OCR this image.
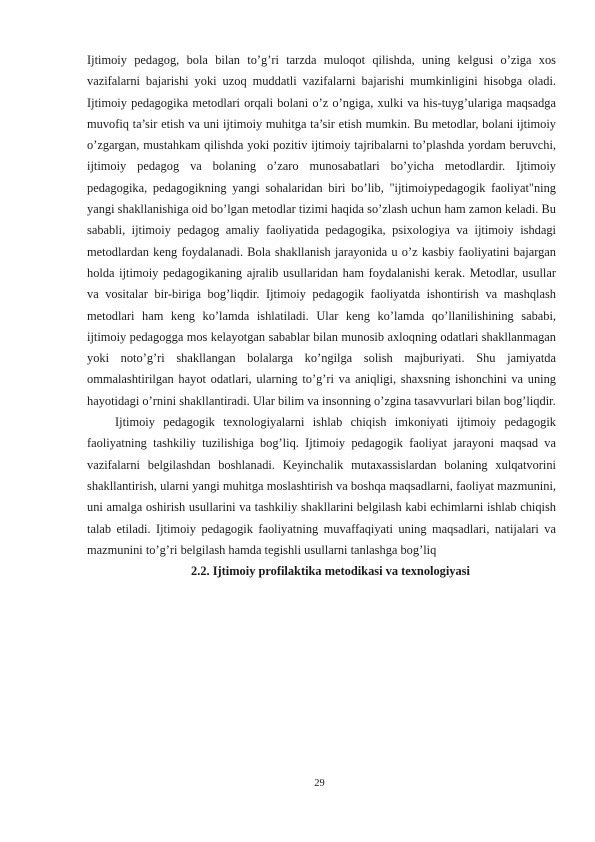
Ijtimoiy pedagog, bola bilan to’g’ri tarzda muloqot qilishda, uning kelgusi o’ziga xos vazifalarni bajarishi yoki uzoq muddatli vazifalarni bajarishi mumkinligini hisobga oladi. Ijtimoiy pedagogika metodlari orqali bolani o’z o’ngiga, xulki va his-tuyg’ulariga maqsadga muvofiq ta’sir etish va uni ijtimoiy muhitga ta’sir etish mumkin. Bu metodlar, bolani ijtimoiy o’zgargan, mustahkam qilishda yoki pozitiv ijtimoiy tajribalarni to’plashda yordam beruvchi, ijtimoiy pedagog va bolaning o’zaro munosabatlari bo’yicha metodlardir. Ijtimoiy pedagogika, pedagogikning yangi sohalaridan biri bo’lib, "ijtimoiypedagogik faoliyat"ning yangi shakllanishiga oid bo’lgan metodlar tizimi haqida so’zlash uchun ham zamon keladi. Bu sababli, ijtimoiy pedagog amaliy faoliyatida pedagogika, psixologiya va ijtimoiy ishdagi metodlardan keng foydalanadi. Bola shakllanish jarayonida u o’z kasbiy faoliyatini bajargan holda ijtimoiy pedagogikaning ajralib usullaridan ham foydalanishi kerak. Metodlar, usullar va vositalar bir-biriga bog’liqdir. Ijtimoiy pedagogik faoliyatda ishontirish va mashqlash metodlari ham keng ko’lamda ishlatiladi. Ular keng ko’lamda qo’llanilishining sababi, ijtimoiy pedagogga mos kelayotgan sabablar bilan munosib axloqning odatlari shakllanmagan yoki noto’g’ri shakllangan bolalarga ko’ngilga solish majburiyati. Shu jamiyatda ommalashtirilgan hayot odatlari, ularning to’g’ri va aniqligi, shaxsning ishonchini va uning hayotidagi o’rnini shakllantiradi. Ular bilim va insonning o’zgina tasavvurlari bilan bog’liqdir.

Ijtimoiy pedagogik texnologiyalarni ishlab chiqish imkoniyati ijtimoiy pedagogik faoliyatning tashkiliy tuzilishiga bog’liq. Ijtimoiy pedagogik faoliyat jarayoni maqsad va vazifalarni belgilashdan boshlanadi. Keyinchalik mutaxassislardan bolaning xulqatvorini shakllantirish, ularni yangi muhitga moslashtirish va boshqa maqsadlarni, faoliyat mazmunini, uni amalga oshirish usullarini va tashkiliy shakllarini belgilash kabi echimlarni ishlab chiqish talab etiladi. Ijtimoiy pedagogik faoliyatning muvaffaqiyati uning maqsadlari, natijalari va mazmunini to’g’ri belgilash hamda tegishli usullarni tanlashga bog’liq

2.2. Ijtimoiy profilaktika metodikasi va texnologiyasi

29
